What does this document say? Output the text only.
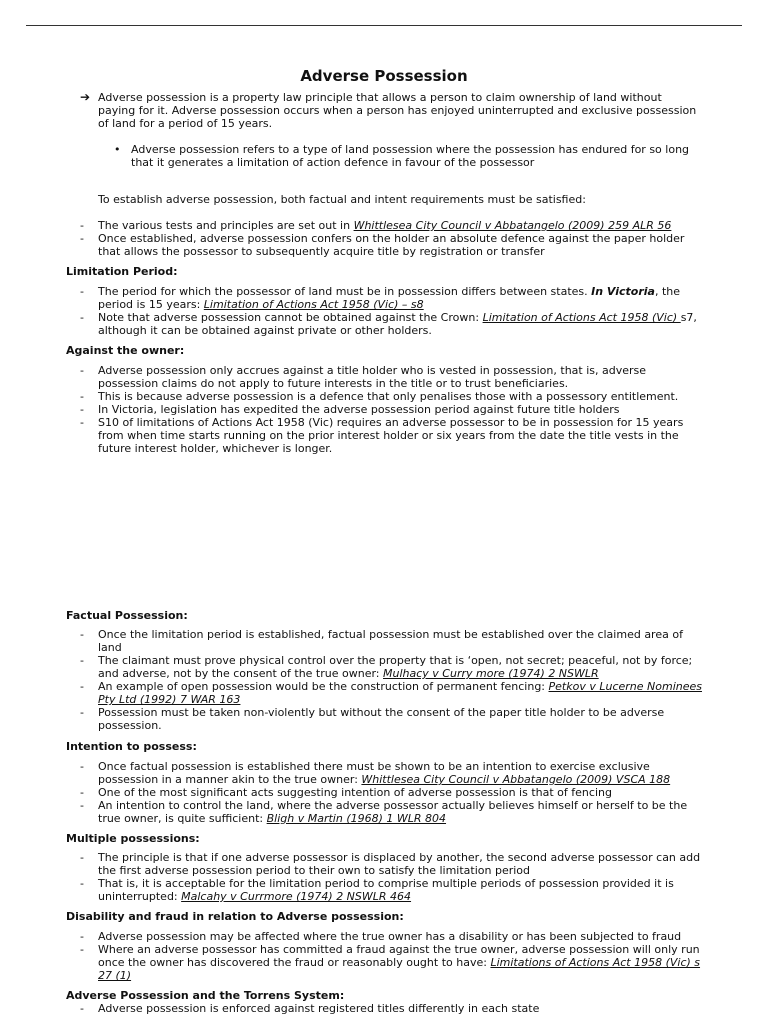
Adverse Possession
➔ Adverse possession is a property law principle that allows a person to claim ownership of land without paying for it. Adverse possession occurs when a person has enjoyed uninterrupted and exclusive possession of land for a period of 15 years.
• Adverse possession refers to a type of land possession where the possession has endured for so long that it generates a limitation of action defence in favour of the possessor
To establish adverse possession, both factual and intent requirements must be satisfied:
- The various tests and principles are set out in Whittlesea City Council v Abbatangelo (2009) 259 ALR 56
- Once established, adverse possession confers on the holder an absolute defence against the paper holder that allows the possessor to subsequently acquire title by registration or transfer
Limitation Period:
- The period for which the possessor of land must be in possession differs between states. In Victoria, the period is 15 years: Limitation of Actions Act 1958 (Vic) – s8
- Note that adverse possession cannot be obtained against the Crown: Limitation of Actions Act 1958 (Vic) s7, although it can be obtained against private or other holders.
Against the owner:
- Adverse possession only accrues against a title holder who is vested in possession, that is, adverse possession claims do not apply to future interests in the title or to trust beneficiaries.
- This is because adverse possession is a defence that only penalises those with a possessory entitlement.
- In Victoria, legislation has expedited the adverse possession period against future title holders
- S10 of limitations of Actions Act 1958 (Vic) requires an adverse possessor to be in possession for 15 years from when time starts running on the prior interest holder or six years from the date the title vests in the future interest holder, whichever is longer.
Factual Possession:
- Once the limitation period is established, factual possession must be established over the claimed area of land
- The claimant must prove physical control over the property that is ‘open, not secret; peaceful, not by force; and adverse, not by the consent of the true owner: Mulhacy v Curry more (1974) 2 NSWLR
- An example of open possession would be the construction of permanent fencing: Petkov v Lucerne Nominees Pty Ltd (1992) 7 WAR 163
- Possession must be taken non-violently but without the consent of the paper title holder to be adverse possession.
Intention to possess:
- Once factual possession is established there must be shown to be an intention to exercise exclusive possession in a manner akin to the true owner: Whittlesea City Council v Abbatangelo (2009) VSCA 188
- One of the most significant acts suggesting intention of adverse possession is that of fencing
- An intention to control the land, where the adverse possessor actually believes himself or herself to be the true owner, is quite sufficient: Bligh v Martin (1968) 1 WLR 804
Multiple possessions:
- The principle is that if one adverse possessor is displaced by another, the second adverse possessor can add the first adverse possession period to their own to satisfy the limitation period
- That is, it is acceptable for the limitation period to comprise multiple periods of possession provided it is uninterrupted: Malcahy v Currmore (1974) 2 NSWLR 464
Disability and fraud in relation to Adverse possession:
- Adverse possession may be affected where the true owner has a disability or has been subjected to fraud
- Where an adverse possessor has committed a fraud against the true owner, adverse possession will only run once the owner has discovered the fraud or reasonably ought to have: Limitations of Actions Act 1958 (Vic) s 27 (1)
Adverse Possession and the Torrens System:
- Adverse possession is enforced against registered titles differently in each state
